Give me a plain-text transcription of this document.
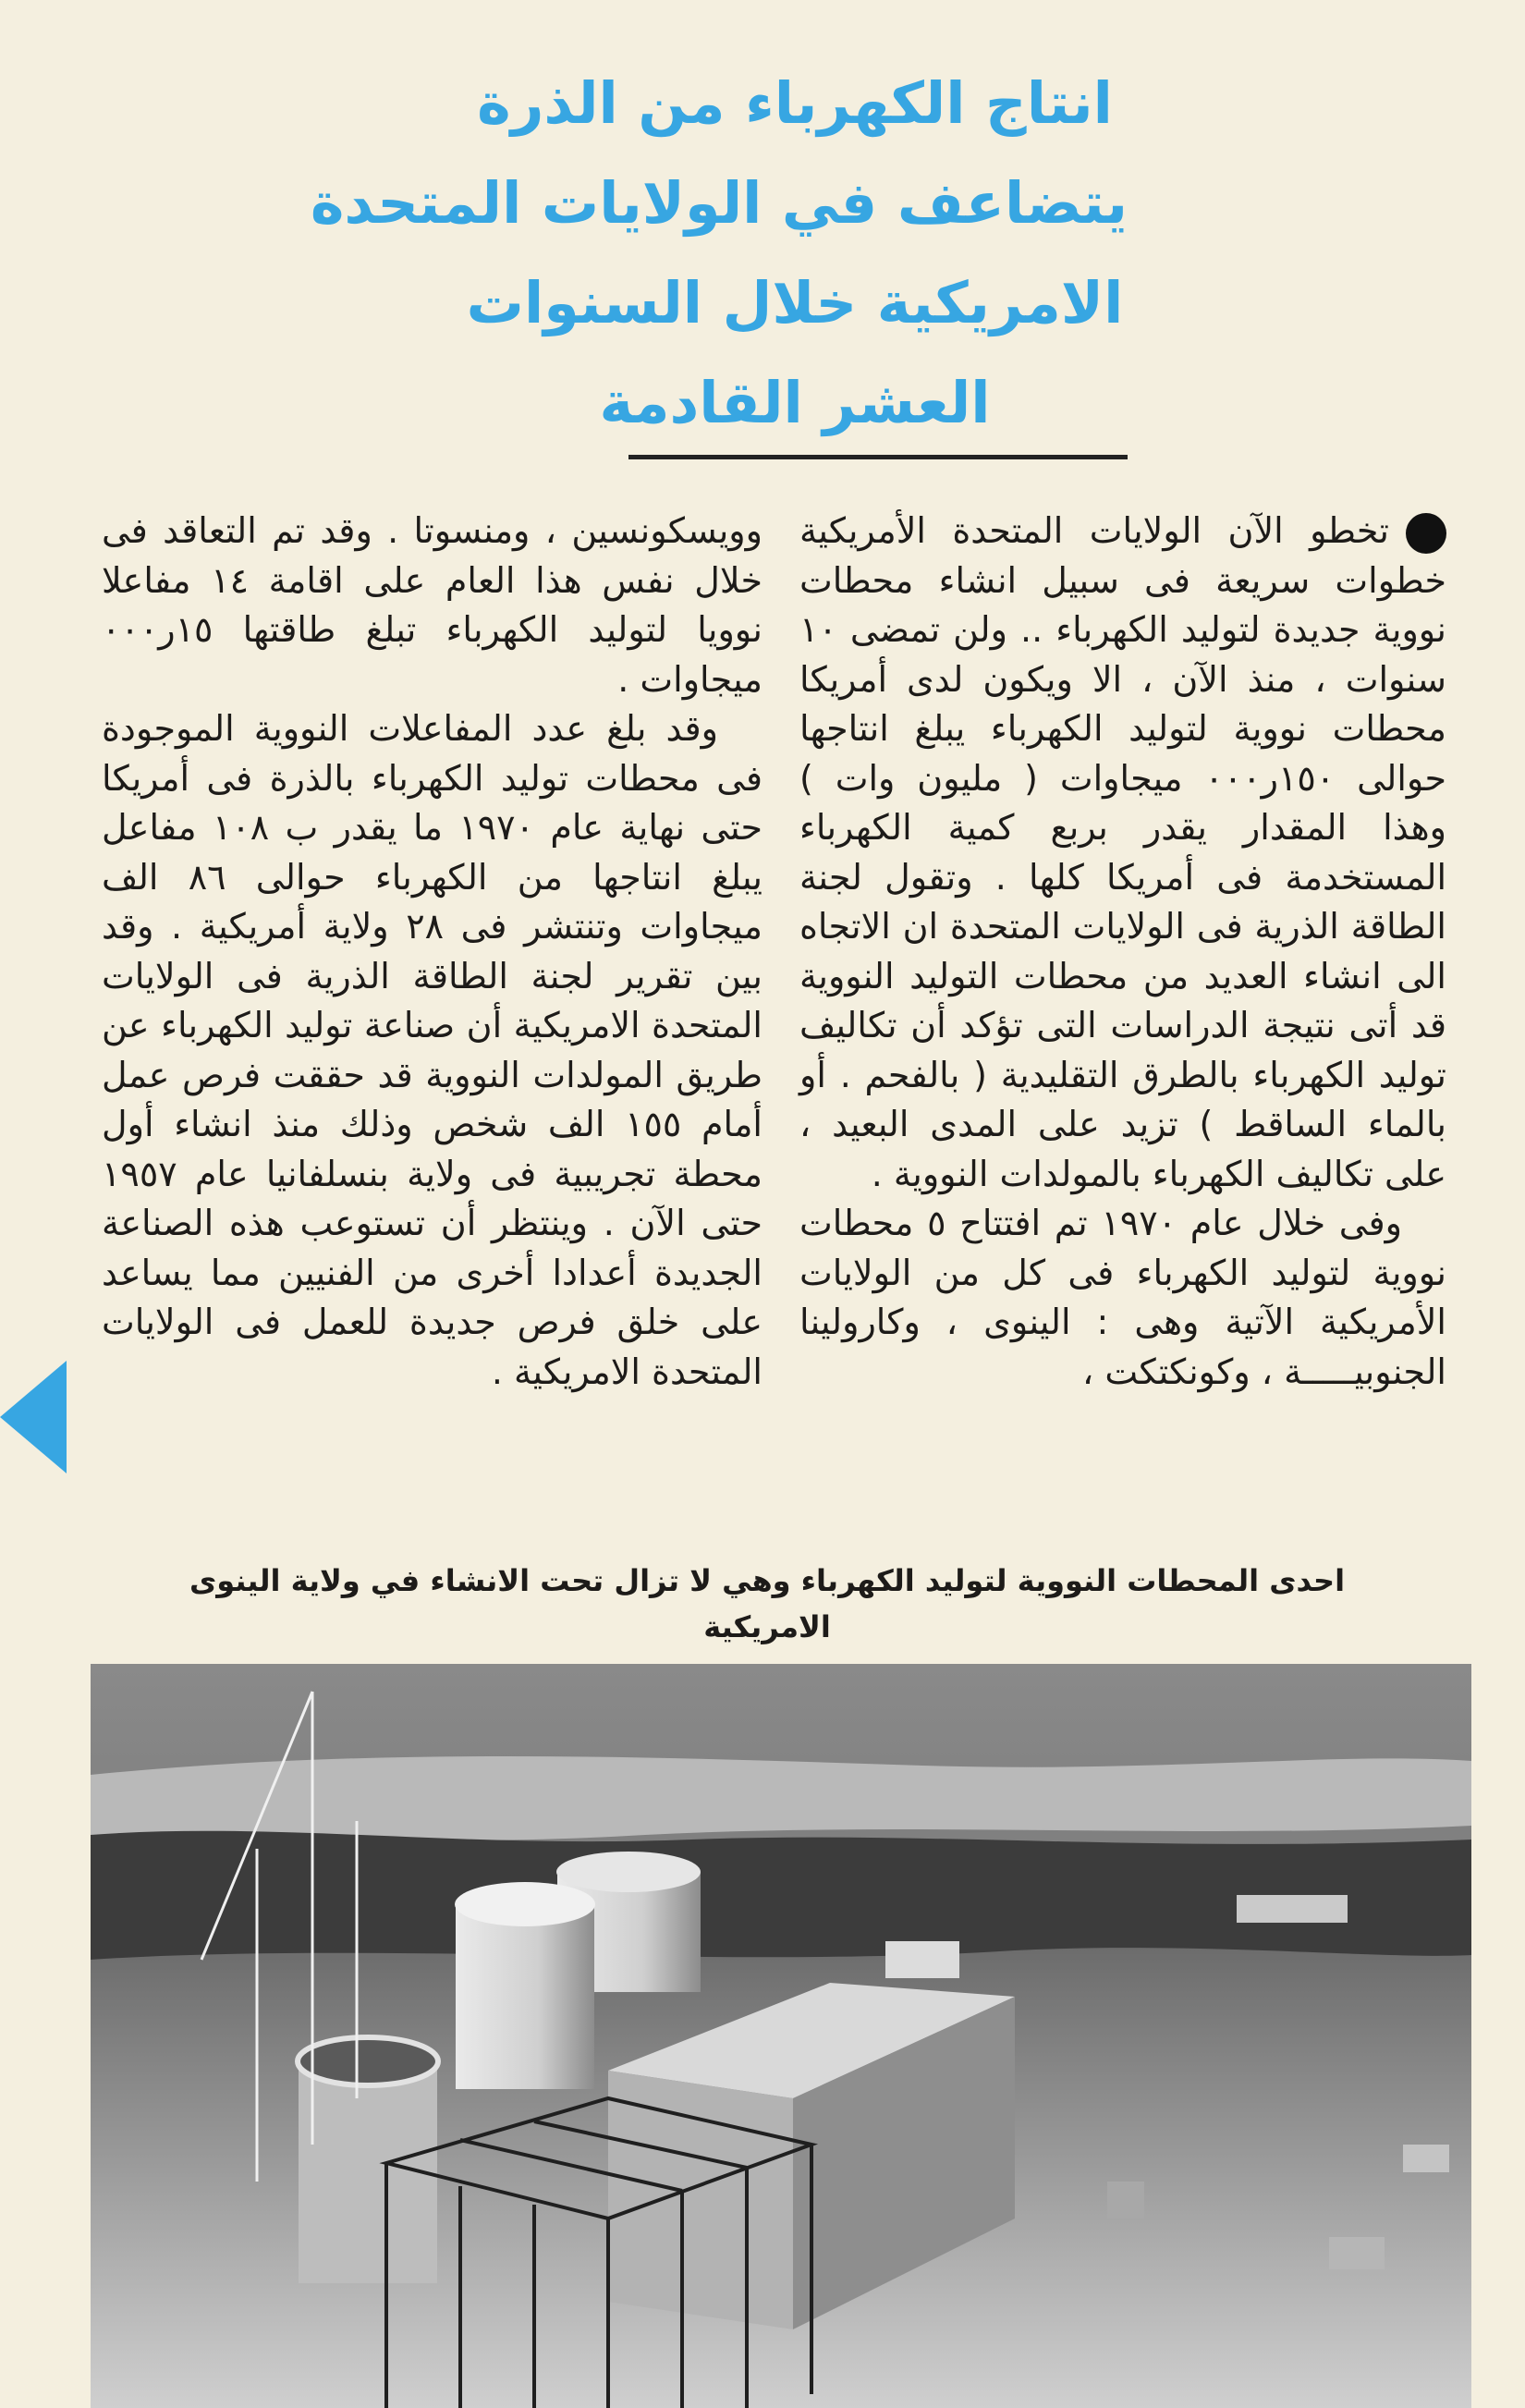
انتاج الكهرباء من الذرة
يتضاعف في الولايات المتحدة
الامريكية خلال السنوات
العشر القادمة

تخطو الآن الولايات المتحدة الأمريكية خطوات سريعة فى سبيل انشاء محطات نووية جديدة لتوليد الكهرباء .. ولن تمضى ١٠ سنوات ، منذ الآن ، الا ويكون لدى أمريكا محطات نووية لتوليد الكهرباء يبلغ انتاجها حوالى ١٥٠ر٠٠٠ ميجاوات ( مليون وات ) وهذا المقدار يقدر بربع كمية الكهرباء المستخدمة فى أمريكا كلها . وتقول لجنة الطاقة الذرية فى الولايات المتحدة ان الاتجاه الى انشاء العديد من محطات التوليد النووية قد أتى نتيجة الدراسات التى تؤكد أن تكاليف توليد الكهرباء بالطرق التقليدية ( بالفحم . أو بالماء الساقط ) تزيد على المدى البعيد ، على تكاليف الكهرباء بالمولدات النووية .

وفى خلال عام ١٩٧٠ تم افتتاح ٥ محطات نووية لتوليد الكهرباء فى كل من الولايات الأمريكية الآتية وهى : الينوى ، وكارولينا الجنوبيـــــة ، وكونكتكت ،

وويسكونسين ، ومنسوتا . وقد تم التعاقد فى خلال نفس هذا العام على اقامة ١٤ مفاعلا نوويا لتوليد الكهرباء تبلغ طاقتها ١٥ر٠٠٠ ميجاوات .

وقد بلغ عدد المفاعلات النووية الموجودة فى محطات توليد الكهرباء بالذرة فى أمريكا حتى نهاية عام ١٩٧٠ ما يقدر ب ١٠٨ مفاعل يبلغ انتاجها من الكهرباء حوالى ٨٦ الف ميجاوات وتنتشر فى ٢٨ ولاية أمريكية . وقد بين تقرير لجنة الطاقة الذرية فى الولايات المتحدة الامريكية أن صناعة توليد الكهرباء عن طريق المولدات النووية قد حققت فرص عمل أمام ١٥٥ الف شخص وذلك منذ انشاء أول محطة تجريبية فى ولاية بنسلفانيا عام ١٩٥٧ حتى الآن . وينتظر أن تستوعب هذه الصناعة الجديدة أعدادا أخرى من الفنيين مما يساعد على خلق فرص جديدة للعمل فى الولايات المتحدة الامريكية .

احدى المحطات النووية لتوليد الكهرباء وهي لا تزال تحت الانشاء في ولاية الينوى الامريكية
